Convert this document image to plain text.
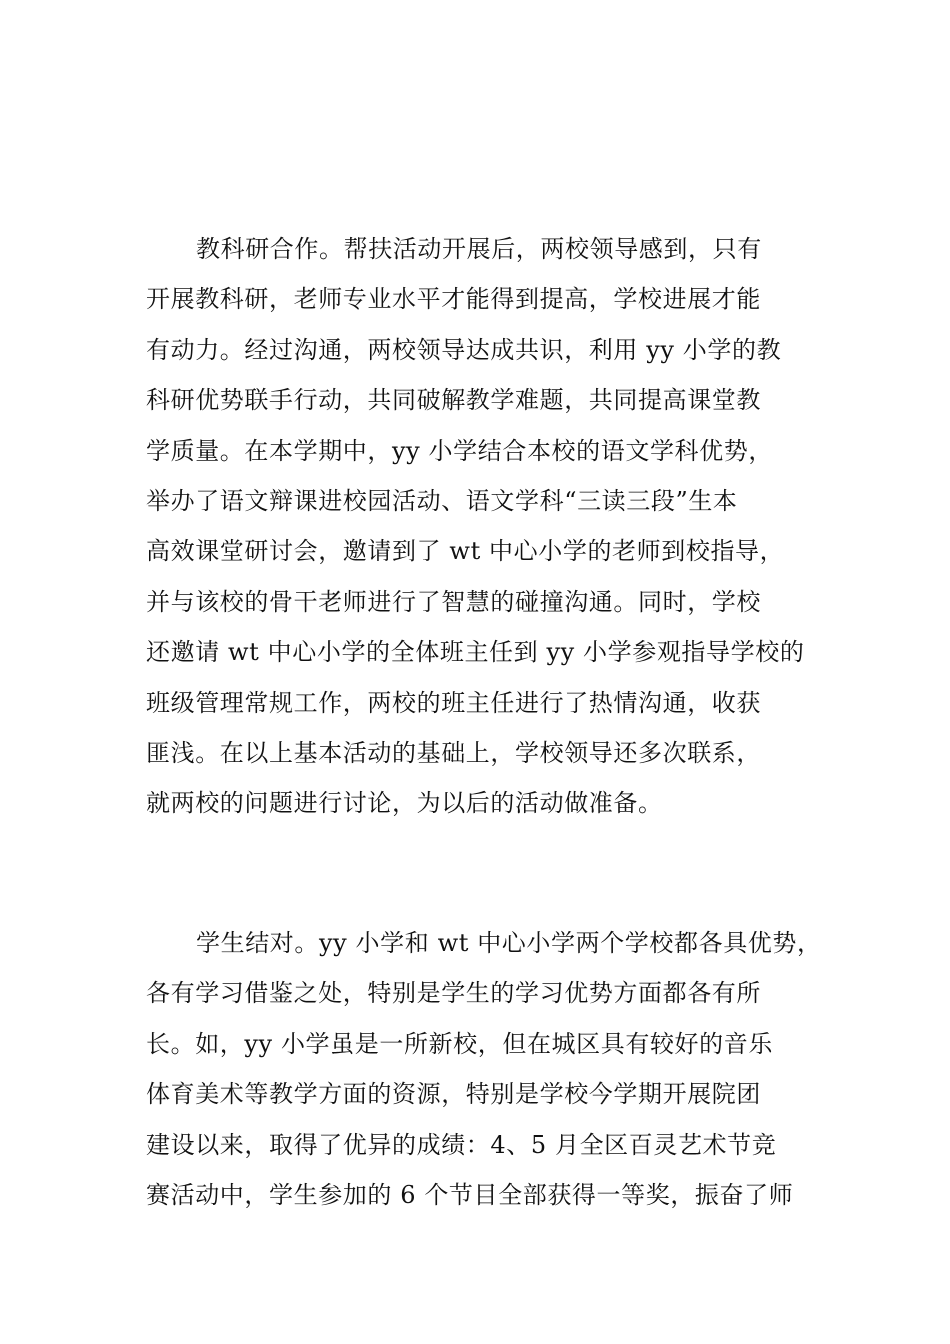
教科研合作。帮扶活动开展后，两校领导感到，只有
开展教科研，老师专业水平才能得到提高，学校进展才能
有动力。经过沟通，两校领导达成共识，利用 yy 小学的教
科研优势联手行动，共同破解教学难题，共同提高课堂教
学质量。在本学期中，yy 小学结合本校的语文学科优势，
举办了语文辩课进校园活动、语文学科“三读三段”生本
高效课堂研讨会，邀请到了 wt 中心小学的老师到校指导，
并与该校的骨干老师进行了智慧的碰撞沟通。同时，学校
还邀请 wt 中心小学的全体班主任到 yy 小学参观指导学校的
班级管理常规工作，两校的班主任进行了热情沟通，收获
匪浅。在以上基本活动的基础上，学校领导还多次联系，
就两校的问题进行讨论，为以后的活动做准备。
学生结对。yy 小学和 wt 中心小学两个学校都各具优势，
各有学习借鉴之处，特别是学生的学习优势方面都各有所
长。如，yy 小学虽是一所新校，但在城区具有较好的音乐
体育美术等教学方面的资源，特别是学校今学期开展院团
建设以来，取得了优异的成绩：4、5 月全区百灵艺术节竞
赛活动中，学生参加的 6 个节目全部获得一等奖，振奋了师
